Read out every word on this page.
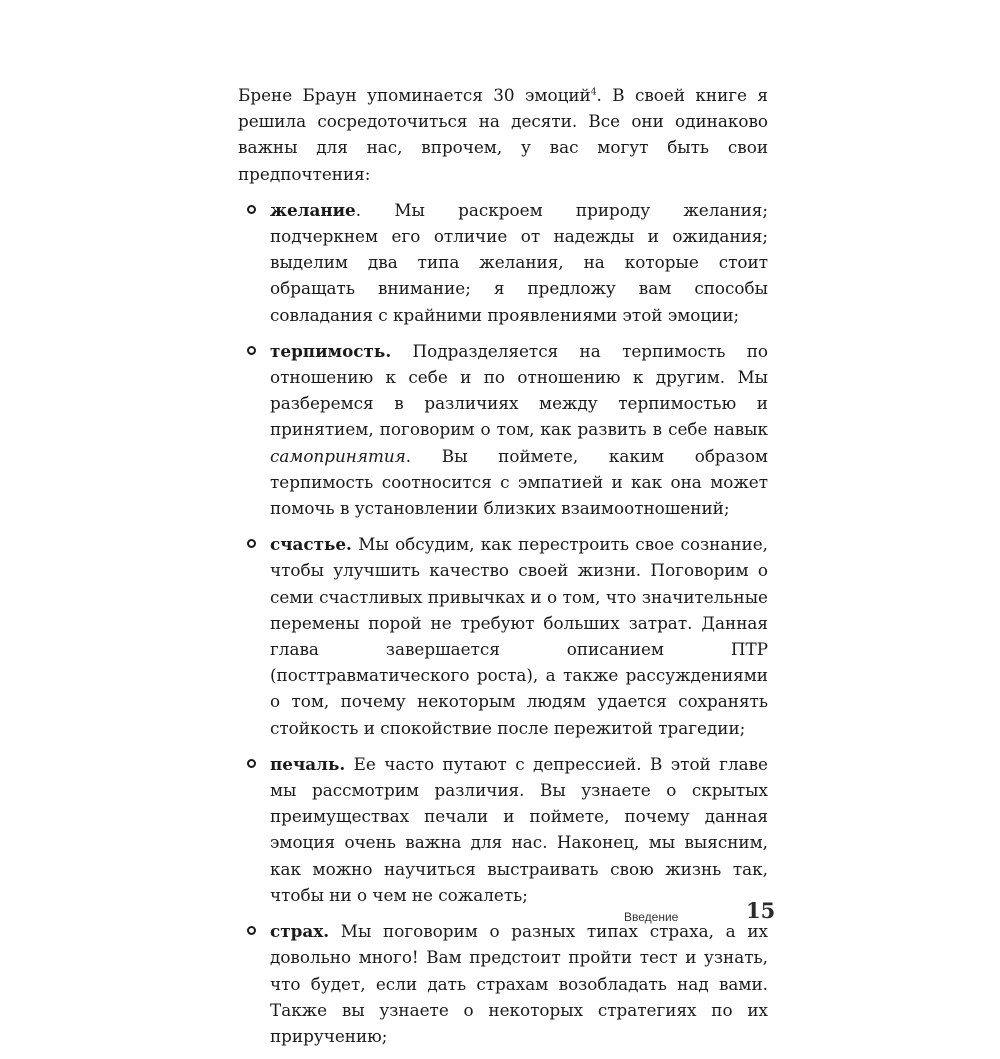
Брене Браун упоминается 30 эмоций$^4$. В своей книге я решила сосредоточиться на десяти. Все они одинаково важны для нас, впрочем, у вас могут быть свои предпочтения:

желание. Мы раскроем природу желания; подчеркнем его отличие от надежды и ожидания; выделим два типа желания, на которые стоит обращать внимание; я предложу вам способы совладания с крайними проявлениями этой эмоции;
терпимость. Подразделяется на терпимость по отношению к себе и по отношению к другим. Мы разберемся в различиях между терпимостью и принятием, поговорим о том, как развить в себе навык самопринятия. Вы поймете, каким образом терпимость соотносится с эмпатией и как она может помочь в установлении близких взаимоотношений;
счастье. Мы обсудим, как перестроить свое сознание, чтобы улучшить качество своей жизни. Поговорим о семи счастливых привычках и о том, что значительные перемены порой не требуют больших затрат. Данная глава завершается описанием ПТР (посттравматического роста), а также рассуждениями о том, почему некоторым людям удается сохранять стойкость и спокойствие после пережитой трагедии;
печаль. Ее часто путают с депрессией. В этой главе мы рассмотрим различия. Вы узнаете о скрытых преимуществах печали и поймете, почему данная эмоция очень важна для нас. Наконец, мы выясним, как можно научиться выстраивать свою жизнь так, чтобы ни о чем не сожалеть;
страх. Мы поговорим о разных типах страха, а их довольно много! Вам предстоит пройти тест и узнать, что будет, если дать страхам возобладать над вами. Также вы узнаете о некоторых стратегиях по их приручению;
Введение	15
